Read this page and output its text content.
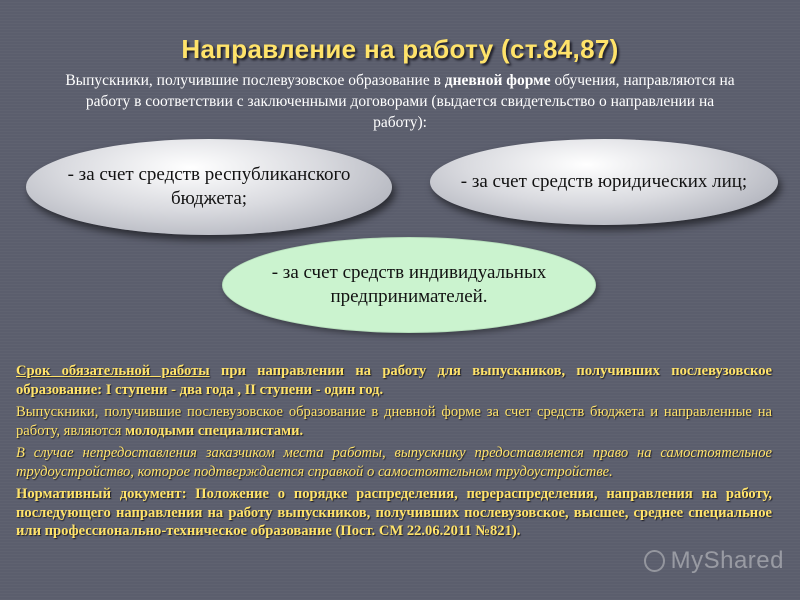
Направление на работу (ст.84,87)
Выпускники, получившие послевузовское образование в дневной форме обучения, направляются на работу в соответствии с заключенными договорами (выдается свидетельство о направлении на работу):
- за счет средств республиканского бюджета;
- за счет средств юридических лиц;
- за счет средств индивидуальных предпринимателей.

Срок обязательной работы при направлении на работу для выпускников, получивших послевузовское образование: I ступени - два года , II ступени - один год.

Выпускники, получившие послевузовское образование в дневной форме за счет средств бюджета и направленные на работу, являются молодыми специалистами.

В случае непредоставления заказчиком места работы, выпускнику предоставляется право на самостоятельное трудоустройство, которое подтверждается справкой о самостоятельном трудоустройстве.

Нормативный документ: Положение о порядке распределения, перераспределения, направления на работу, последующего направления на работу выпускников, получивших послевузовское, высшее, среднее специальное или профессионально-техническое образование (Пост. СМ 22.06.2011 №821).

MyShared
